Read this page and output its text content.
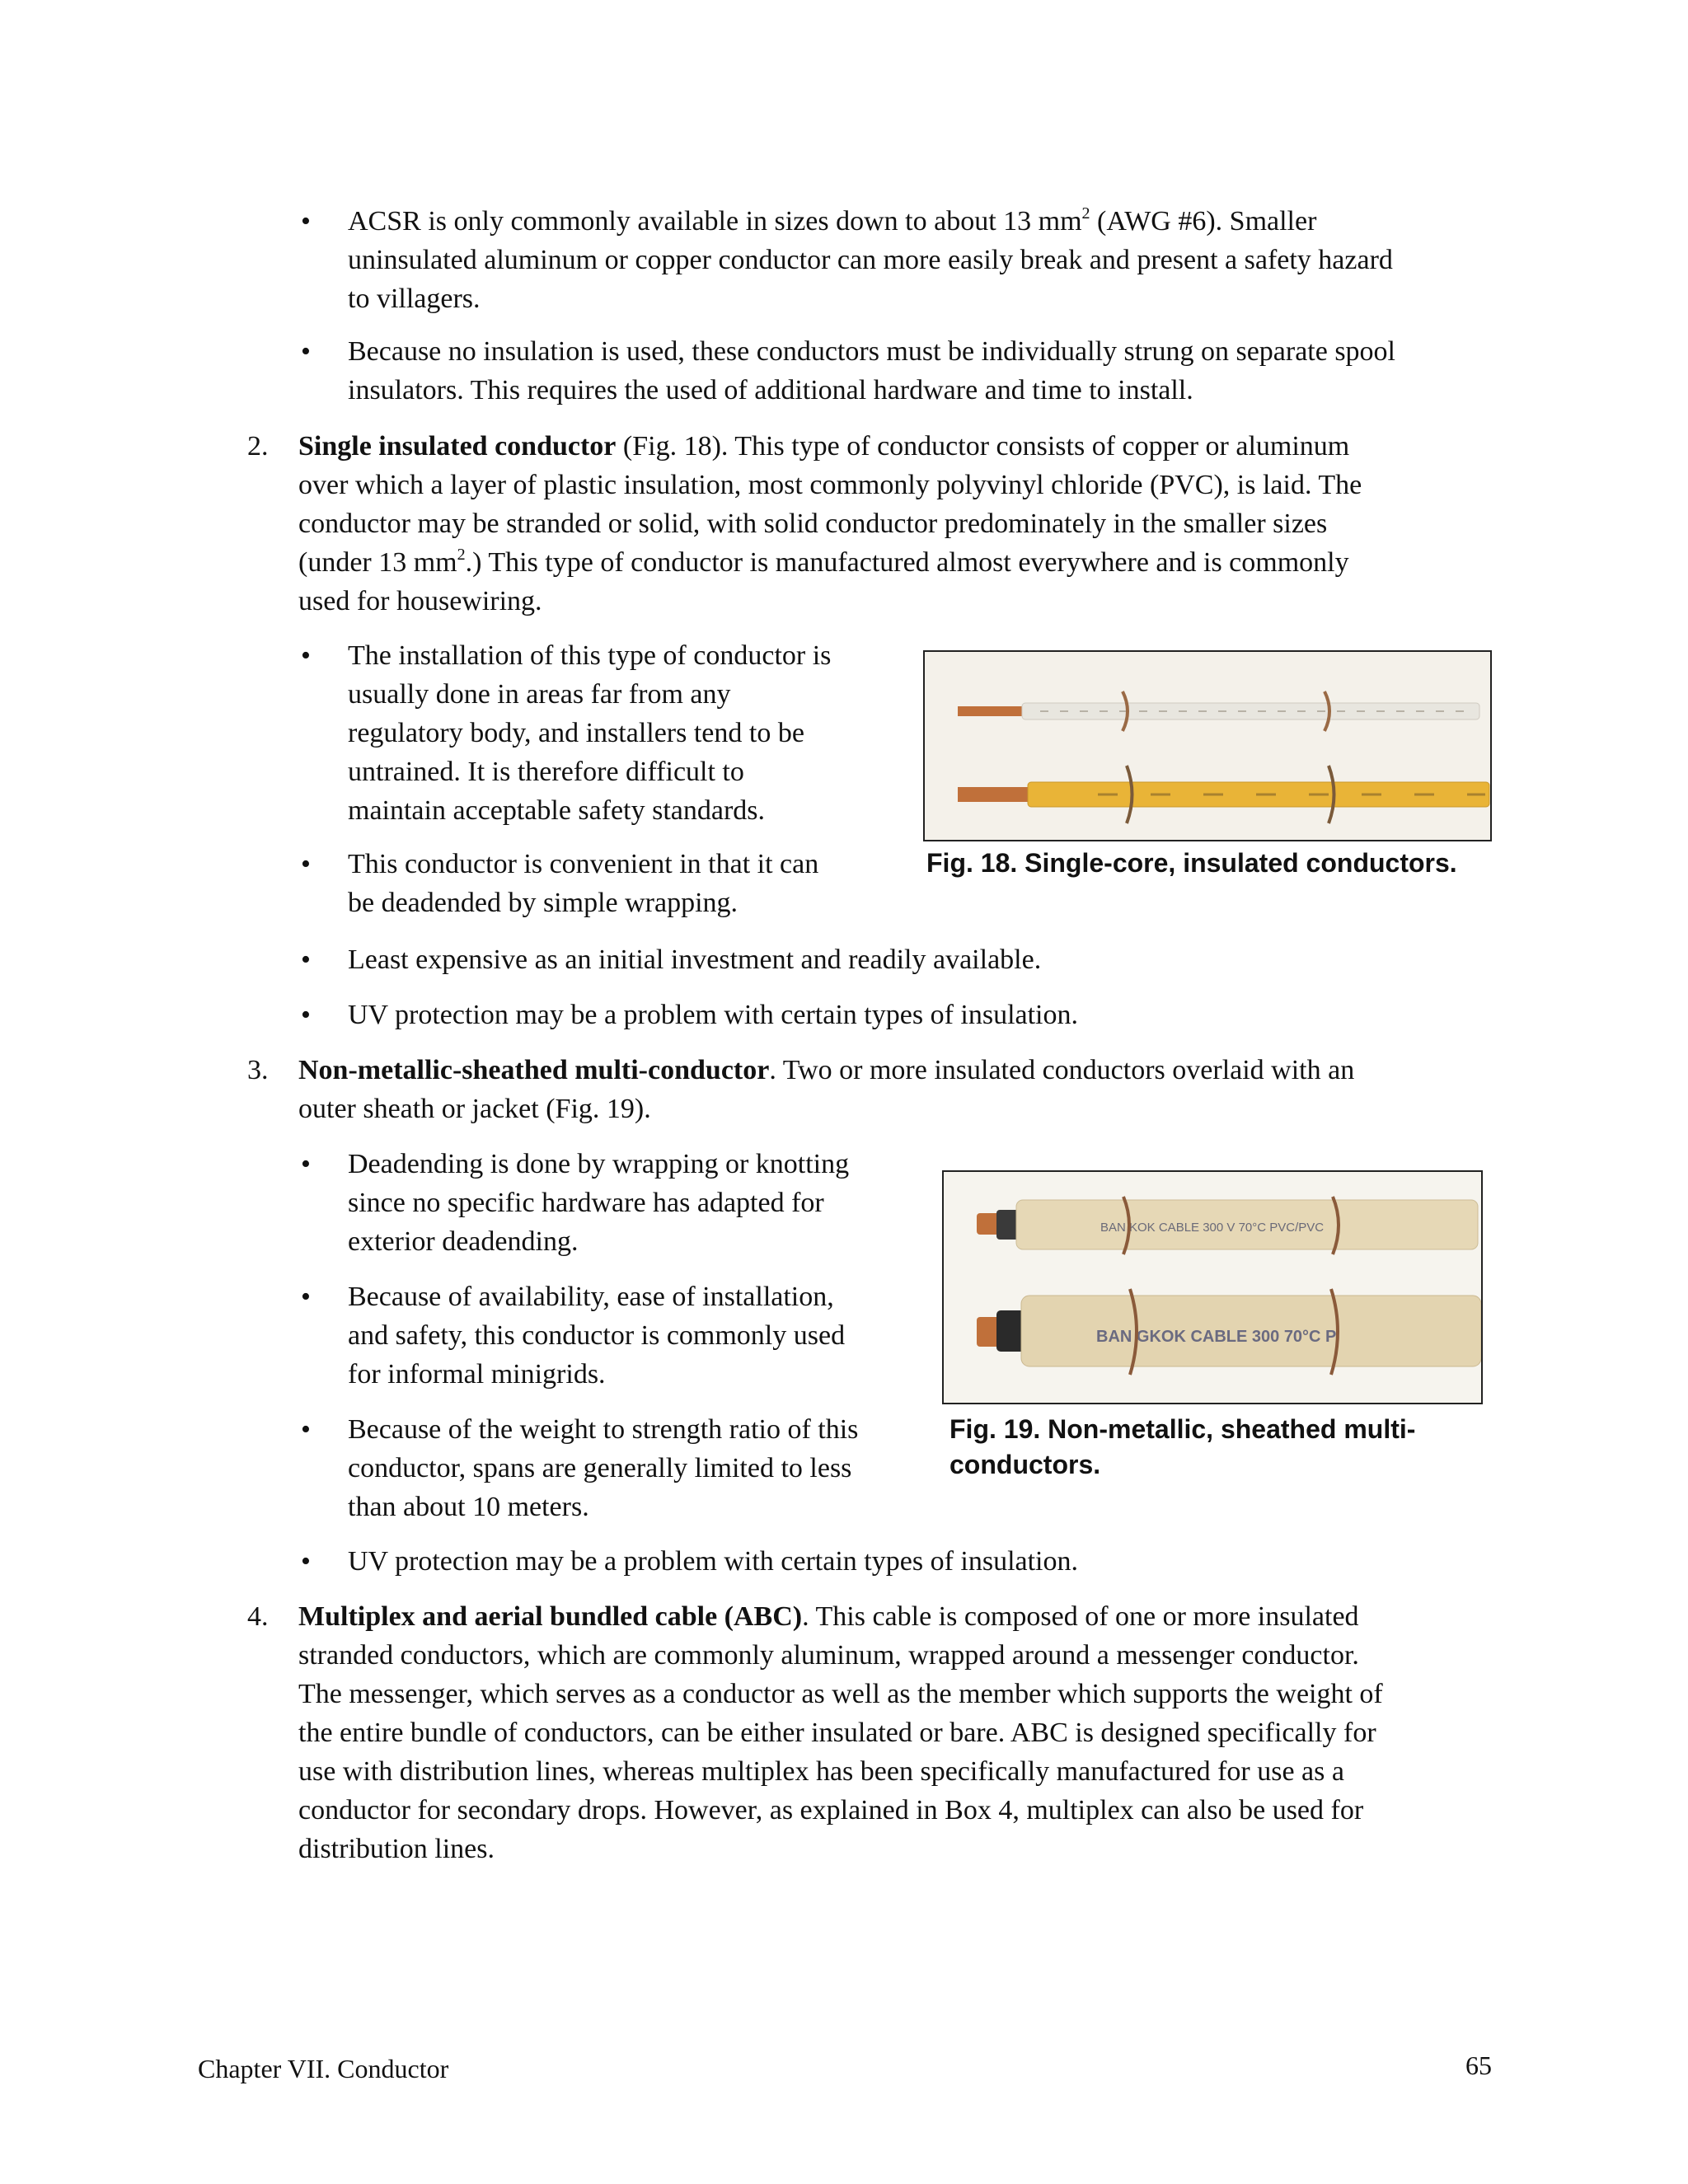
•	ACSR is only commonly available in sizes down to about 13 $mm^2$ (AWG #6). Smaller
uninsulated aluminum or copper conductor can more easily break and present a safety hazard
to villagers.
•	Because no insulation is used, these conductors must be individually strung on separate spool
insulators. This requires the used of additional hardware and time to install.
2. Single insulated conductor (Fig. 18). This type of conductor consists of copper or aluminum
over which a layer of plastic insulation, most commonly polyvinyl chloride (PVC), is laid. The
conductor may be stranded or solid, with solid conductor predominately in the smaller sizes
(under 13 $mm^2$.) This type of conductor is manufactured almost everywhere and is commonly
used for housewiring.
•	The installation of this type of conductor is
usually done in areas far from any
regulatory body, and installers tend to be
untrained. It is therefore difficult to
maintain acceptable safety standards.
•	This conductor is convenient in that it can
be deadended by simple wrapping.
•	Least expensive as an initial investment and readily available.
•	UV protection may be a problem with certain types of insulation.
Fig. 18. Single-core, insulated conductors.
3. Non-metallic-sheathed multi-conductor. Two or more insulated conductors overlaid with an
outer sheath or jacket (Fig. 19).
•	Deadending is done by wrapping or knotting
since no specific hardware has adapted for
exterior deadending.
•	Because of availability, ease of installation,
and safety, this conductor is commonly used
for informal minigrids.
•	Because of the weight to strength ratio of this
conductor, spans are generally limited to less
than about 10 meters.
•	UV protection may be a problem with certain types of insulation.
BAN KOK CABLE 300 V 70°C PVC/PVC
BAN GKOK CABLE 300 70°C P
Fig. 19. Non-metallic, sheathed multi-
conductors.
4. Multiplex and aerial bundled cable (ABC). This cable is composed of one or more insulated
stranded conductors, which are commonly aluminum, wrapped around a messenger conductor.
The messenger, which serves as a conductor as well as the member which supports the weight of
the entire bundle of conductors, can be either insulated or bare. ABC is designed specifically for
use with distribution lines, whereas multiplex has been specifically manufactured for use as a
conductor for secondary drops. However, as explained in Box 4, multiplex can also be used for
distribution lines.
Chapter VII. Conductor	65
